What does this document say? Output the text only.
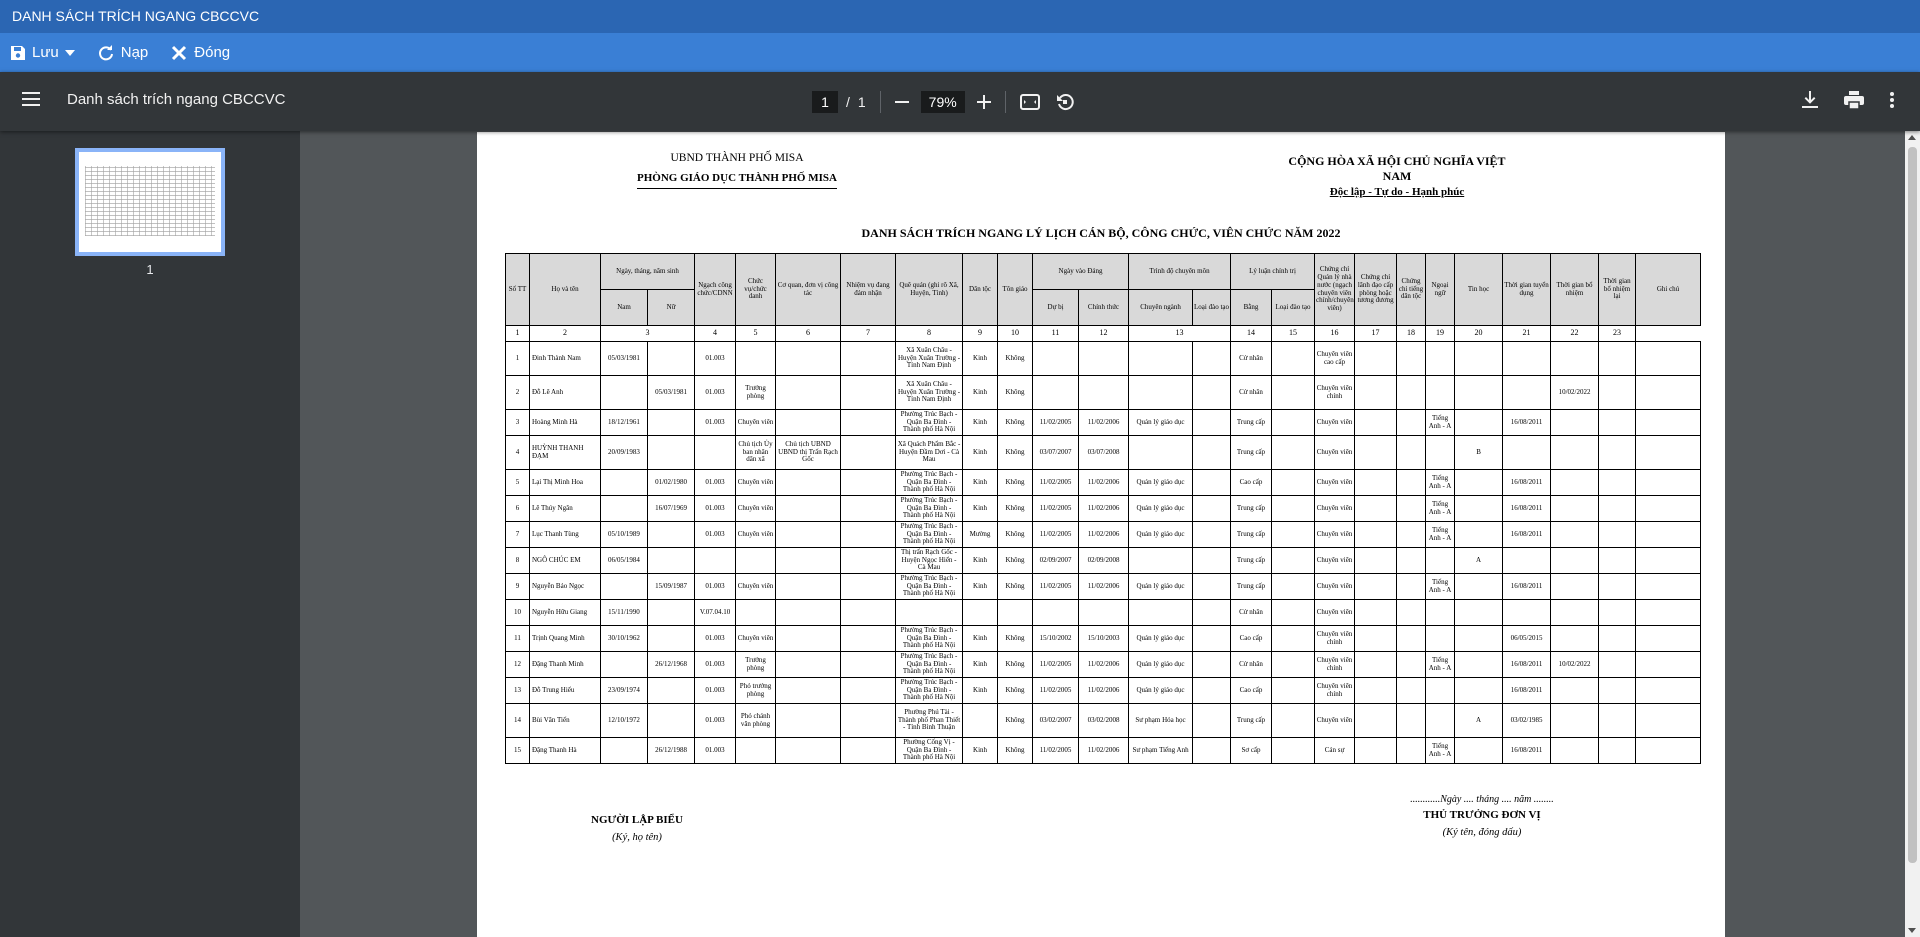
DANH SÁCH TRÍCH NGANG CBCCVC
Lưu	Nạp	Đóng
Danh sách trích ngang CBCCVC	1	/ 1	79%
1
UBND THÀNH PHỐ MISA
PHÒNG GIÁO DỤC THÀNH PHỐ MISA
CỘNG HÒA XÃ HỘI CHỦ NGHĨA VIỆT NAM
Độc lập - Tự do - Hạnh phúc
DANH SÁCH TRÍCH NGANG LÝ LỊCH CÁN BỘ, CÔNG CHỨC, VIÊN CHỨC NĂM 2022
Số TT	Họ và tên	Ngày, tháng, năm sinh		Ngạch công chức/CDNN	Chức vụ/chức danh	Cơ quan, đơn vị công tác	Nhiệm vụ đang đảm nhận	Quê quán (ghi rõ Xã, Huyện, Tỉnh)	Dân tộc	Tôn giáo	Ngày vào Đảng		Trình độ chuyên môn		Lý luận chính trị		Chứng chỉ Quản lý nhà nước (ngạch chuyên viên chính/chuyên viên)	Chứng chỉ lãnh đạo cấp phòng hoặc tương đương	Chứng chỉ tiếng dân tộc	Ngoại ngữ	Tin học	Thời gian tuyển dụng	Thời gian bổ nhiệm	Thời gian bổ nhiệm lại	Ghi chú
		Nam	Nữ								Dự bị	Chính thức	Chuyên ngành	Loại đào tạo	Bằng	Loại đào tạo									
1	2	3		4	5	6	7	8	9	10	11	12	13		14	15	16	17	18	19	20	21	22	23	
1	Đinh Thành Nam	05/03/1981		01.003				Xã Xuân Châu - Huyện Xuân Trường - Tỉnh Nam Định	Kinh	Không					Cử nhân		Chuyên viên cao cấp								
2	Đỗ Lê Anh		05/03/1981	01.003	Trưởng phòng			Xã Xuân Châu - Huyện Xuân Trường - Tỉnh Nam Định	Kinh	Không					Cử nhân		Chuyên viên chính						10/02/2022		
3	Hoàng Minh Hà	18/12/1961		01.003	Chuyên viên			Phường Trúc Bạch - Quận Ba Đình - Thành phố Hà Nội	Kinh	Không	11/02/2005	11/02/2006	Quản lý giáo dục		Trung cấp		Chuyên viên			Tiếng Anh - A		16/08/2011			
4	HUỲNH THANH ĐẠM	20/09/1983			Chủ tịch Ủy ban nhân dân xã	Chủ tịch UBND UBND thị Trấn Rạch Gốc		Xã Quách Phẩm Bắc - Huyện Đầm Dơi - Cà Mau	Kinh	Không	03/07/2007	03/07/2008			Trung cấp		Chuyên viên				B				
5	Lại Thị Minh Hoa		01/02/1980	01.003	Chuyên viên			Phường Trúc Bạch - Quận Ba Đình - Thành phố Hà Nội	Kinh	Không	11/02/2005	11/02/2006	Quản lý giáo dục		Cao cấp		Chuyên viên			Tiếng Anh - A		16/08/2011			
6	Lê Thúy Ngân		16/07/1969	01.003	Chuyên viên			Phường Trúc Bạch - Quận Ba Đình - Thành phố Hà Nội	Kinh	Không	11/02/2005	11/02/2006	Quản lý giáo dục		Trung cấp		Chuyên viên			Tiếng Anh - A		16/08/2011			
7	Lục Thanh Tùng	05/10/1989		01.003	Chuyên viên			Phường Trúc Bạch - Quận Ba Đình - Thành phố Hà Nội	Mường	Không	11/02/2005	11/02/2006	Quản lý giáo dục		Trung cấp		Chuyên viên			Tiếng Anh - A		16/08/2011			
8	NGÔ CHÚC EM	06/05/1984						Thị trấn Rạch Gốc - Huyện Ngọc Hiển - Cà Mau	Kinh	Không	02/09/2007	02/09/2008			Trung cấp		Chuyên viên				A				
9	Nguyễn Bảo Ngọc		15/09/1987	01.003	Chuyên viên			Phường Trúc Bạch - Quận Ba Đình - Thành phố Hà Nội	Kinh	Không	11/02/2005	11/02/2006	Quản lý giáo dục		Trung cấp		Chuyên viên			Tiếng Anh - A		16/08/2011			
10	Nguyễn Hữu Giang	15/11/1990		V.07.04.10											Cử nhân		Chuyên viên								
11	Trịnh Quang Minh	30/10/1962		01.003	Chuyên viên			Phường Trúc Bạch - Quận Ba Đình - Thành phố Hà Nội	Kinh	Không	15/10/2002	15/10/2003	Quản lý giáo dục		Cao cấp		Chuyên viên chính					06/05/2015			
12	Đặng Thanh Minh		26/12/1968	01.003	Trưởng phòng			Phường Trúc Bạch - Quận Ba Đình - Thành phố Hà Nội	Kinh	Không	11/02/2005	11/02/2006	Quản lý giáo dục		Cử nhân		Chuyên viên chính			Tiếng Anh - A		16/08/2011	10/02/2022		
13	Đỗ Trung Hiếu	23/09/1974		01.003	Phó trưởng phòng			Phường Trúc Bạch - Quận Ba Đình - Thành phố Hà Nội	Kinh	Không	11/02/2005	11/02/2006	Quản lý giáo dục		Cao cấp		Chuyên viên chính					16/08/2011			
14	Bùi Văn Tiến	12/10/1972		01.003	Phó chánh văn phòng			Phường Phú Tài - Thành phố Phan Thiết - Tỉnh Bình Thuận		Không	03/02/2007	03/02/2008	Sư phạm Hóa học		Trung cấp		Chuyên viên				A	03/02/1985			
15	Đặng Thanh Hà		26/12/1988	01.003				Phường Cống Vị - Quận Ba Đình - Thành phố Hà Nội	Kinh	Không	11/02/2005	11/02/2006	Sư phạm Tiếng Anh		Sơ cấp		Cán sự			Tiếng Anh - A		16/08/2011			
NGƯỜI LẬP BIỂU
(Ký, họ tên)
............Ngày .... tháng .... năm ........
THỦ TRƯỞNG ĐƠN VỊ
(Ký tên, đóng dấu)
